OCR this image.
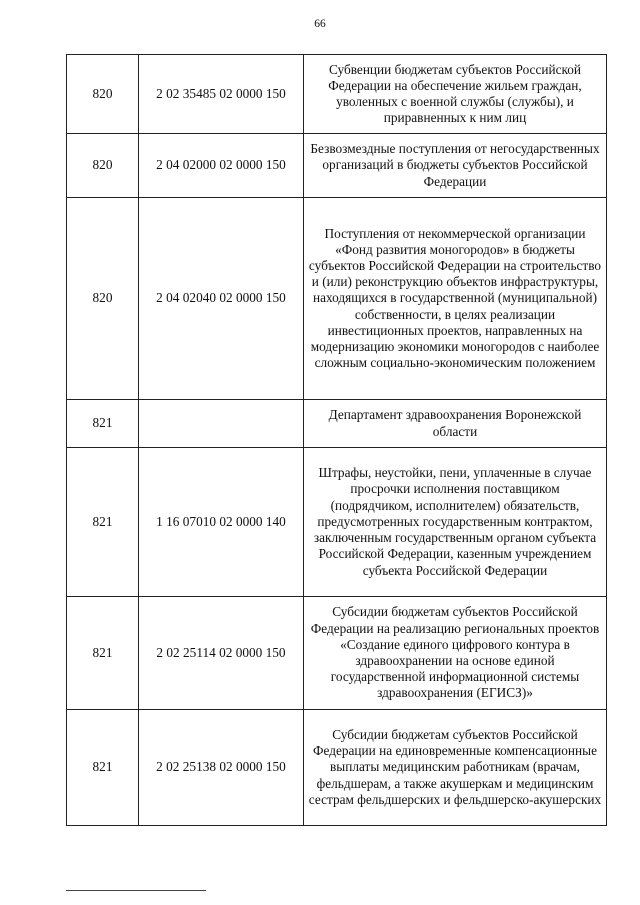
66
820	2 02 35485 02 0000 150	Субвенции бюджетам субъектов Российской Федерации на обеспечение жильем граждан, уволенных с военной службы (службы), и приравненных к ним лиц
820	2 04 02000 02 0000 150	Безвозмездные поступления от негосударственных организаций в бюджеты субъектов Российской Федерации
820	2 04 02040 02 0000 150	Поступления от некоммерческой организации «Фонд развития моногородов» в бюджеты субъектов Российской Федерации на строительство и (или) реконструкцию объектов инфраструктуры, находящихся в государственной (муниципальной) собственности, в целях реализации инвестиционных проектов, направленных на модернизацию экономики моногородов с наиболее сложным социально-экономическим положением
821		Департамент здравоохранения Воронежской области
821	1 16 07010 02 0000 140	Штрафы, неустойки, пени, уплаченные в случае просрочки исполнения поставщиком (подрядчиком, исполнителем) обязательств, предусмотренных государственным контрактом, заключенным государственным органом субъекта Российской Федерации, казенным учреждением субъекта Российской Федерации
821	2 02 25114 02 0000 150	Субсидии бюджетам субъектов Российской Федерации на реализацию региональных проектов «Создание единого цифрового контура в здравоохранении на основе единой государственной информационной системы здравоохранения (ЕГИСЗ)»
821	2 02 25138 02 0000 150	Субсидии бюджетам субъектов Российской Федерации на единовременные компенсационные выплаты медицинским работникам (врачам, фельдшерам, а также акушеркам и медицинским сестрам фельдшерских и фельдшерско-акушерских
